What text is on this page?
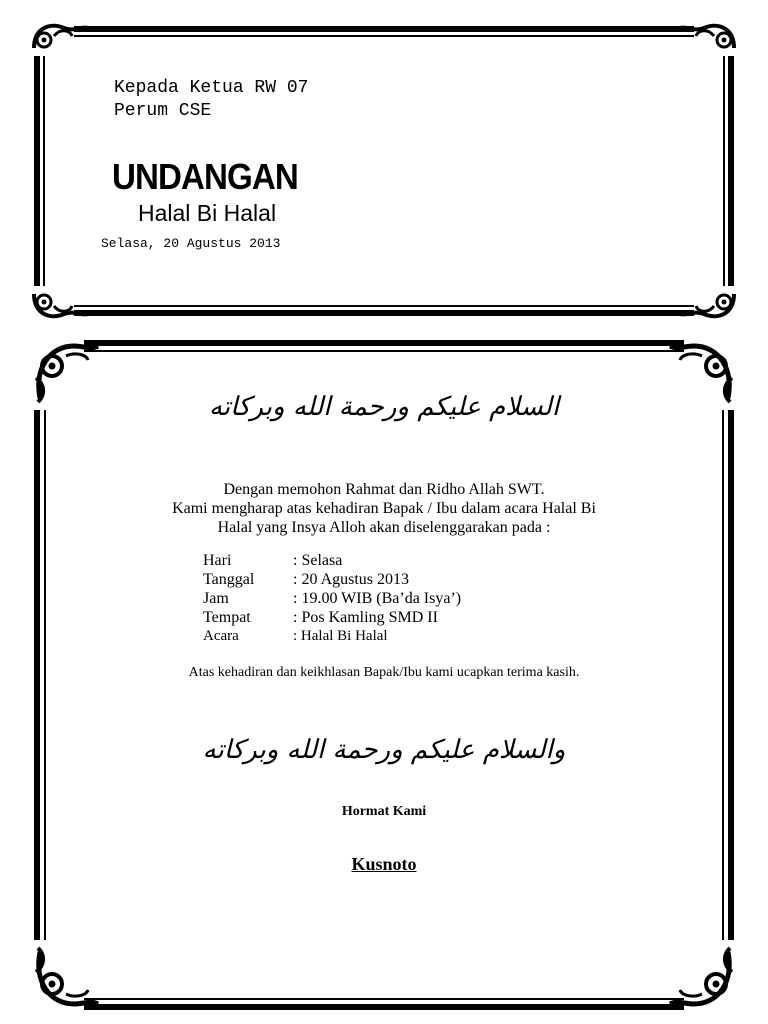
Kepada Ketua RW 07
Perum CSE
UNDANGAN
Halal Bi Halal
Selasa, 20 Agustus 2013
السلام عليكم ورحمة الله وبركاته
Dengan memohon Rahmat dan Ridho Allah SWT.
Kami mengharap atas kehadiran Bapak / Ibu dalam acara Halal Bi
Halal yang Insya Alloh akan diselenggarakan pada :
Hari	: Selasa
Tanggal : 20 Agustus 2013
Jam	: 19.00 WIB (Ba’da Isya’)
Tempat	: Pos Kamling SMD II
Acara	: Halal Bi Halal
Atas kehadiran dan keikhlasan Bapak/Ibu kami ucapkan terima kasih.
والسلام عليكم ورحمة الله وبركاته
Hormat Kami
Kusnoto
